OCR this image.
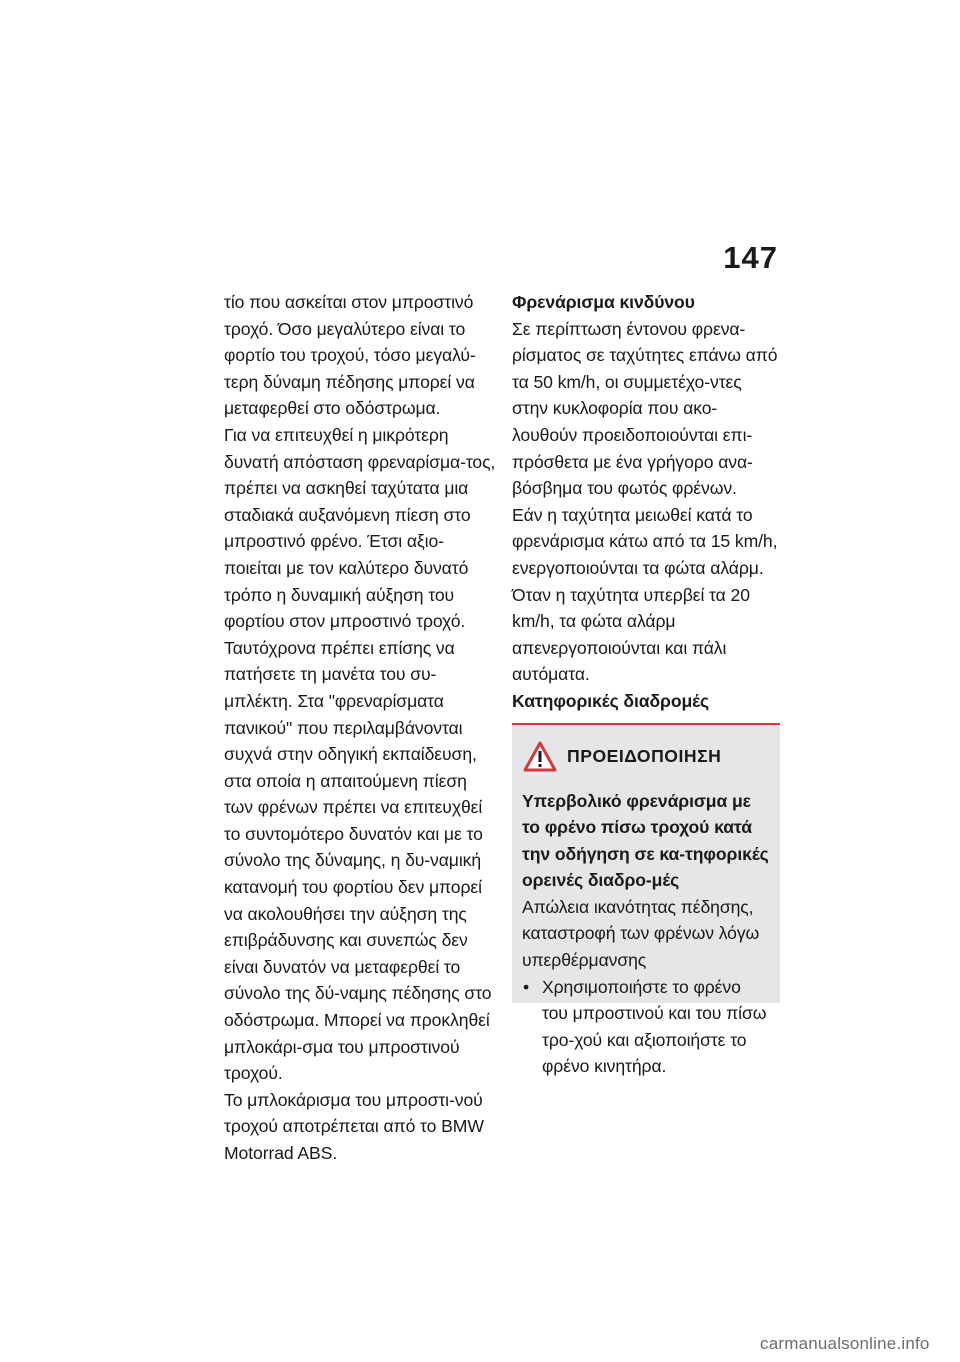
147

τίο που ασκείται στον μπροστινό τροχό. Όσο μεγαλύτερο είναι το φορτίο του τροχού, τόσο μεγαλύ-τερη δύναμη πέδησης μπορεί να μεταφερθεί στο οδόστρωμα.

Για να επιτευχθεί η μικρότερη δυνατή απόσταση φρεναρίσμα-τος, πρέπει να ασκηθεί ταχύτατα μια σταδιακά αυξανόμενη πίεση στο μπροστινό φρένο. Έτσι αξιο-ποιείται με τον καλύτερο δυνατό τρόπο η δυναμική αύξηση του φορτίου στον μπροστινό τροχό. Ταυτόχρονα πρέπει επίσης να πατήσετε τη μανέτα του συ-μπλέκτη. Στα "φρεναρίσματα πανικού" που περιλαμβάνονται συχνά στην οδηγική εκπαίδευση, στα οποία η απαιτούμενη πίεση των φρένων πρέπει να επιτευχθεί το συντομότερο δυνατόν και με το σύνολο της δύναμης, η δυ-ναμική κατανομή του φορτίου δεν μπορεί να ακολουθήσει την αύξηση της επιβράδυνσης και συνεπώς δεν είναι δυνατόν να μεταφερθεί το σύνολο της δύ-ναμης πέδησης στο οδόστρωμα. Μπορεί να προκληθεί μπλοκάρι-σμα του μπροστινού τροχού.

Το μπλοκάρισμα του μπροστι-νού τροχού αποτρέπεται από το BMW Motorrad ABS.

Φρενάρισμα κινδύνου

Σε περίπτωση έντονου φρενα-ρίσματος σε ταχύτητες επάνω από τα 50 km/h, οι συμμετέχο-ντες στην κυκλοφορία που ακο-λουθούν προειδοποιούνται επι-πρόσθετα με ένα γρήγορο ανα-βόσβημα του φωτός φρένων.

Εάν η ταχύτητα μειωθεί κατά το φρενάρισμα κάτω από τα 15 km/h, ενεργοποιούνται τα φώτα αλάρμ. Όταν η ταχύτητα υπερβεί τα 20 km/h, τα φώτα αλάρμ απενεργοποιούνται και πάλι αυτόματα.

Κατηφορικές διαδρομές

ΠΡΟΕΙΔΟΠΟΙΗΣΗ

Υπερβολικό φρενάρισμα με το φρένο πίσω τροχού κατά την οδήγηση σε κα-τηφορικές ορεινές διαδρο-μές

Απώλεια ικανότητας πέδησης, καταστροφή των φρένων λόγω υπερθέρμανσης

• Χρησιμοποιήστε το φρένο του μπροστινού και του πίσω τρο-χού και αξιοποιήστε το φρένο κινητήρα.

carmanualsonline.info
